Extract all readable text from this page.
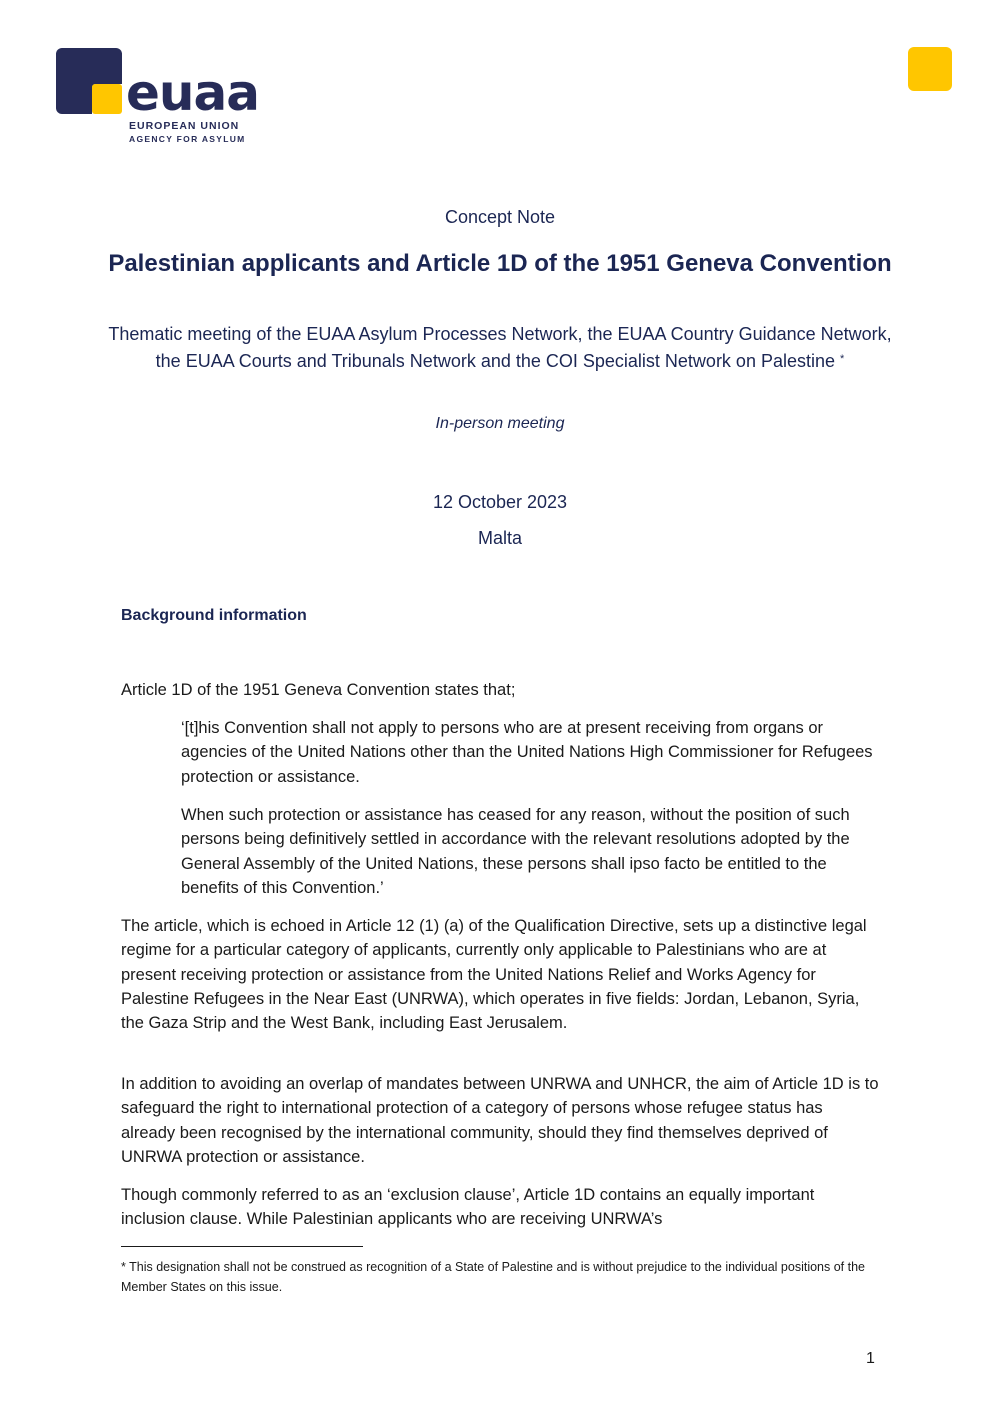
euaa
EUROPEAN UNION
AGENCY FOR ASYLUM
Concept Note
Palestinian applicants and Article 1D of the 1951 Geneva Convention
Thematic meeting of the EUAA Asylum Processes Network, the EUAA Country Guidance Network, the EUAA Courts and Tribunals Network and the COI Specialist Network on Palestine *
In-person meeting
12 October 2023
Malta
Background information

Article 1D of the 1951 Geneva Convention states that;

‘[t]his Convention shall not apply to persons who are at present receiving from organs or agencies of the United Nations other than the United Nations High Commissioner for Refugees protection or assistance.

When such protection or assistance has ceased for any reason, without the position of such persons being definitively settled in accordance with the relevant resolutions adopted by the General Assembly of the United Nations, these persons shall ipso facto be entitled to the benefits of this Convention.’

The article, which is echoed in Article 12 (1) (a) of the Qualification Directive, sets up a distinctive legal regime for a particular category of applicants, currently only applicable to Palestinians who are at present receiving protection or assistance from the United Nations Relief and Works Agency for Palestine Refugees in the Near East (UNRWA), which operates in five fields: Jordan, Lebanon, Syria, the Gaza Strip and the West Bank, including East Jerusalem.

In addition to avoiding an overlap of mandates between UNRWA and UNHCR, the aim of Article 1D is to safeguard the right to international protection of a category of persons whose refugee status has already been recognised by the international community, should they find themselves deprived of UNRWA protection or assistance.

Though commonly referred to as an ‘exclusion clause’, Article 1D contains an equally important inclusion clause. While Palestinian applicants who are receiving UNRWA’s

* This designation shall not be construed as recognition of a State of Palestine and is without prejudice to the individual positions of the Member States on this issue.
1
